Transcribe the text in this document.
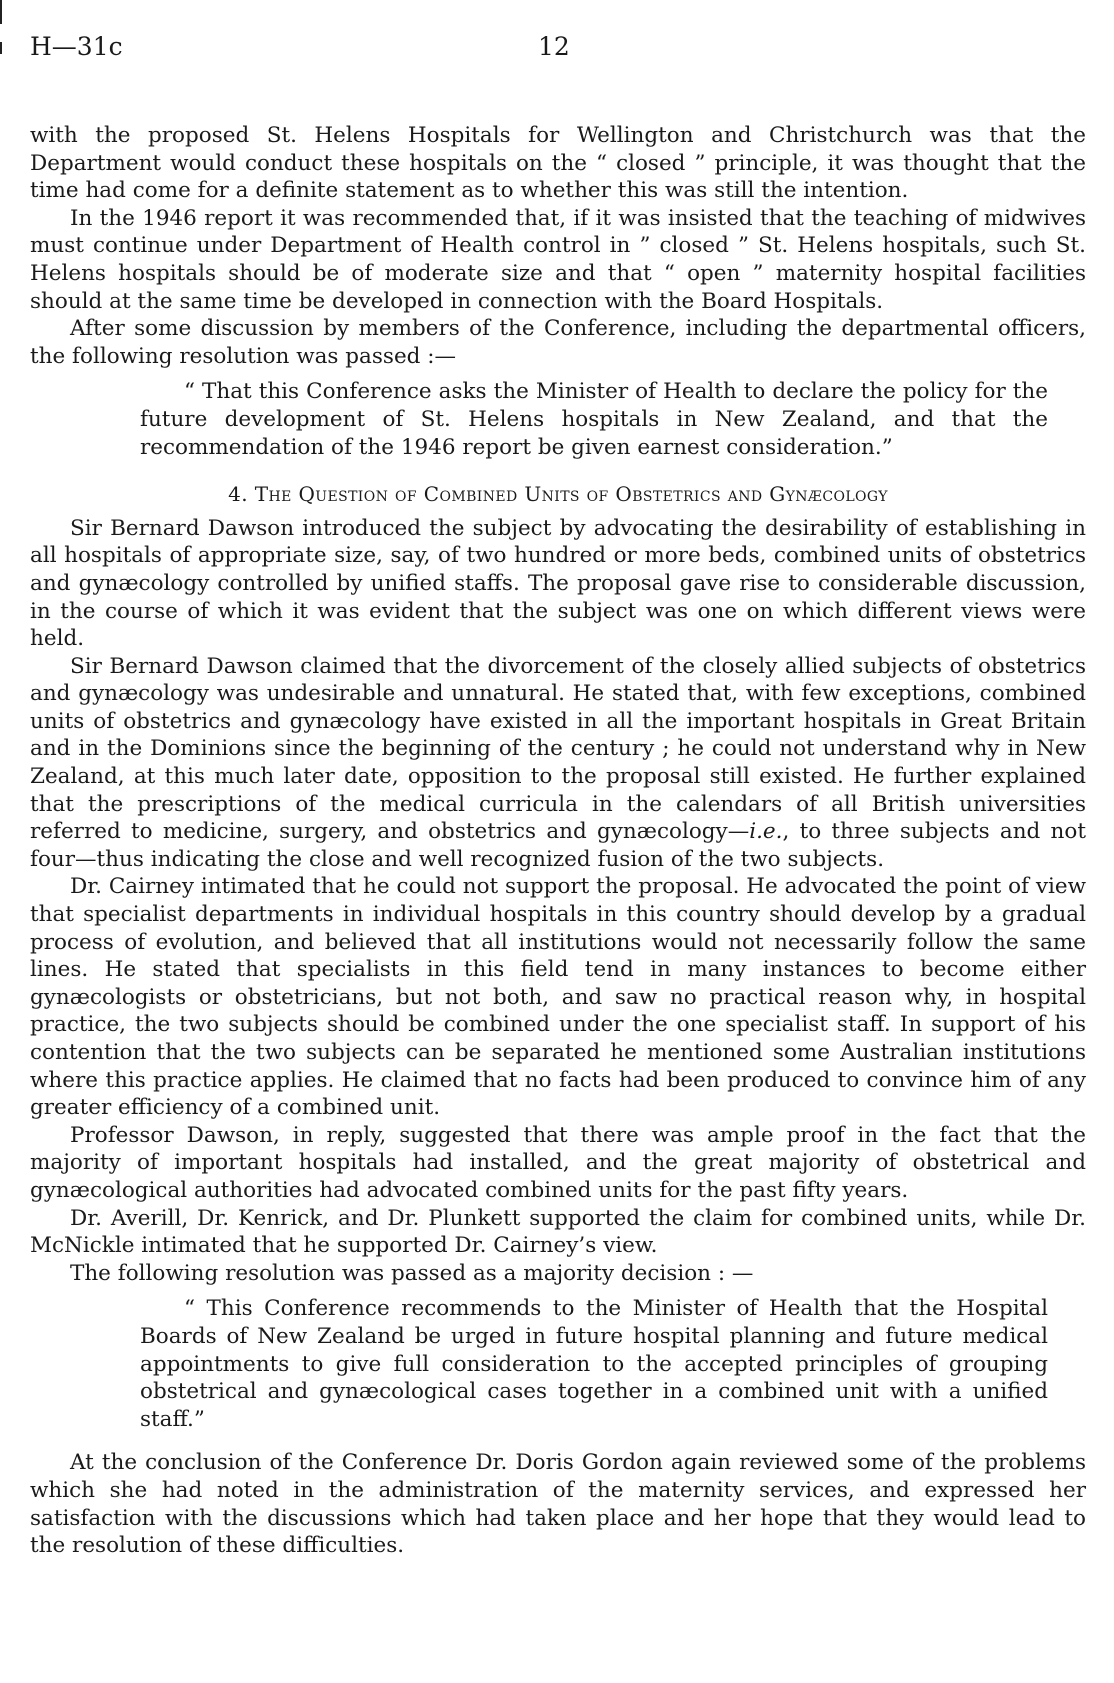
H—31c	12

with the proposed St. Helens Hospitals for Wellington and Christchurch was that the Department would conduct these hospitals on the “ closed ” principle, it was thought that the time had come for a definite statement as to whether this was still the intention.

In the 1946 report it was recommended that, if it was insisted that the teaching of midwives must continue under Department of Health control in ” closed ” St. Helens hospitals, such St. Helens hospitals should be of moderate size and that “ open ” maternity hospital facilities should at the same time be developed in connection with the Board Hospitals.

After some discussion by members of the Conference, including the departmental officers, the following resolution was passed :—

“ That this Conference asks the Minister of Health to declare the policy for the future development of St. Helens hospitals in New Zealand, and that the recommendation of the 1946 report be given earnest consideration.”

4. The Question of Combined Units of Obstetrics and Gynæcology

Sir Bernard Dawson introduced the subject by advocating the desirability of establishing in all hospitals of appropriate size, say, of two hundred or more beds, combined units of obstetrics and gynæcology controlled by unified staffs. The proposal gave rise to considerable discussion, in the course of which it was evident that the subject was one on which different views were held.

Sir Bernard Dawson claimed that the divorcement of the closely allied subjects of obstetrics and gynæcology was undesirable and unnatural. He stated that, with few exceptions, combined units of obstetrics and gynæcology have existed in all the important hospitals in Great Britain and in the Dominions since the beginning of the century ; he could not understand why in New Zealand, at this much later date, opposition to the proposal still existed. He further explained that the prescriptions of the medical curricula in the calendars of all British universities referred to medicine, surgery, and obstetrics and gynæcology—i.e., to three subjects and not four—thus indicating the close and well recognized fusion of the two subjects.

Dr. Cairney intimated that he could not support the proposal. He advocated the point of view that specialist departments in individual hospitals in this country should develop by a gradual process of evolution, and believed that all institutions would not necessarily follow the same lines. He stated that specialists in this field tend in many instances to become either gynæcologists or obstetricians, but not both, and saw no practical reason why, in hospital practice, the two subjects should be combined under the one specialist staff. In support of his contention that the two subjects can be separated he mentioned some Australian institutions where this practice applies. He claimed that no facts had been produced to convince him of any greater efficiency of a combined unit.

Professor Dawson, in reply, suggested that there was ample proof in the fact that the majority of important hospitals had installed, and the great majority of obstetrical and gynæcological authorities had advocated combined units for the past fifty years.

Dr. Averill, Dr. Kenrick, and Dr. Plunkett supported the claim for combined units, while Dr. McNickle intimated that he supported Dr. Cairney’s view.

The following resolution was passed as a majority decision : —

“ This Conference recommends to the Minister of Health that the Hospital Boards of New Zealand be urged in future hospital planning and future medical appointments to give full consideration to the accepted principles of grouping obstetrical and gynæcological cases together in a combined unit with a unified staff.”

At the conclusion of the Conference Dr. Doris Gordon again reviewed some of the problems which she had noted in the administration of the maternity services, and expressed her satisfaction with the discussions which had taken place and her hope that they would lead to the resolution of these difficulties.
